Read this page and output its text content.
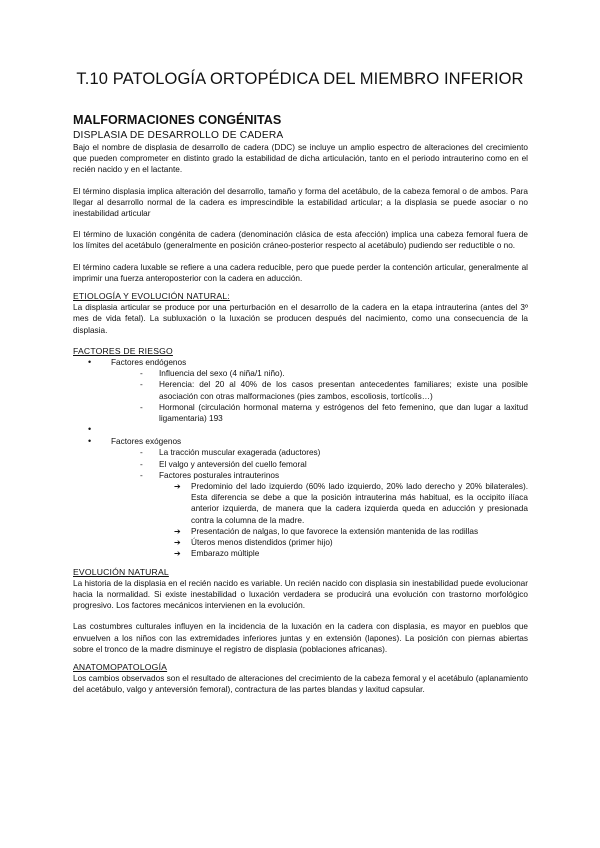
T.10 PATOLOGÍA ORTOPÉDICA DEL MIEMBRO INFERIOR
MALFORMACIONES CONGÉNITAS

DISPLASIA DE DESARROLLO DE CADERA

Bajo el nombre de displasia de desarrollo de cadera (DDC) se incluye un amplio espectro de alteraciones del crecimiento que pueden comprometer en distinto grado la estabilidad de dicha articulación, tanto en el periodo intrauterino como en el recién nacido y en el lactante.

El término displasia implica alteración del desarrollo, tamaño y forma del acetábulo, de la cabeza femoral o de ambos. Para llegar al desarrollo normal de la cadera es imprescindible la estabilidad articular; a la displasia se puede asociar o no inestabilidad articular

El término de luxación congénita de cadera (denominación clásica de esta afección) implica una cabeza femoral fuera de los límites del acetábulo (generalmente en posición cráneo-posterior respecto al acetábulo) pudiendo ser reductible o no.

El término cadera luxable se refiere a una cadera reducible, pero que puede perder la contención articular, generalmente al imprimir una fuerza anteroposterior con la cadera en aducción.

ETIOLOGÍA Y EVOLUCIÓN NATURAL:

La displasia articular se produce por una perturbación en el desarrollo de la cadera en la etapa intrauterina (antes del 3º mes de vida fetal). La subluxación o la luxación se producen después del nacimiento, como una consecuencia de la displasia.

FACTORES DE RIESGO

• Factores endógenos
- Influencia del sexo (4 niña/1 niño).
- Herencia: del 20 al 40% de los casos presentan antecedentes familiares; existe una posible asociación con otras malformaciones (pies zambos, escoliosis, tortícolis…)
- Hormonal (circulación hormonal materna y estrógenos del feto femenino, que dan lugar a laxitud ligamentaria) 193
•
• Factores exógenos
- La tracción muscular exagerada (aductores)
- El valgo y anteversión del cuello femoral
- Factores posturales intrauterinos
➔ Predominio del lado izquierdo (60% lado izquierdo, 20% lado derecho y 20% bilaterales). Esta diferencia se debe a que la posición intrauterina más habitual, es la occipito ilíaca anterior izquierda, de manera que la cadera izquierda queda en aducción y presionada contra la columna de la madre.
➔ Presentación de nalgas, lo que favorece la extensión mantenida de las rodillas
➔ Úteros menos distendidos (primer hijo)
➔ Embarazo múltiple

EVOLUCIÓN NATURAL

La historia de la displasia en el recién nacido es variable. Un recién nacido con displasia sin inestabilidad puede evolucionar hacia la normalidad. Si existe inestabilidad o luxación verdadera se producirá una evolución con trastorno morfológico progresivo. Los factores mecánicos intervienen en la evolución.

Las costumbres culturales influyen en la incidencia de la luxación en la cadera con displasia, es mayor en pueblos que envuelven a los niños con las extremidades inferiores juntas y en extensión (lapones). La posición con piernas abiertas sobre el tronco de la madre disminuye el registro de displasia (poblaciones africanas).

ANATOMOPATOLOGÍA

Los cambios observados son el resultado de alteraciones del crecimiento de la cabeza femoral y el acetábulo (aplanamiento del acetábulo, valgo y anteversión femoral), contractura de las partes blandas y laxitud capsular.
